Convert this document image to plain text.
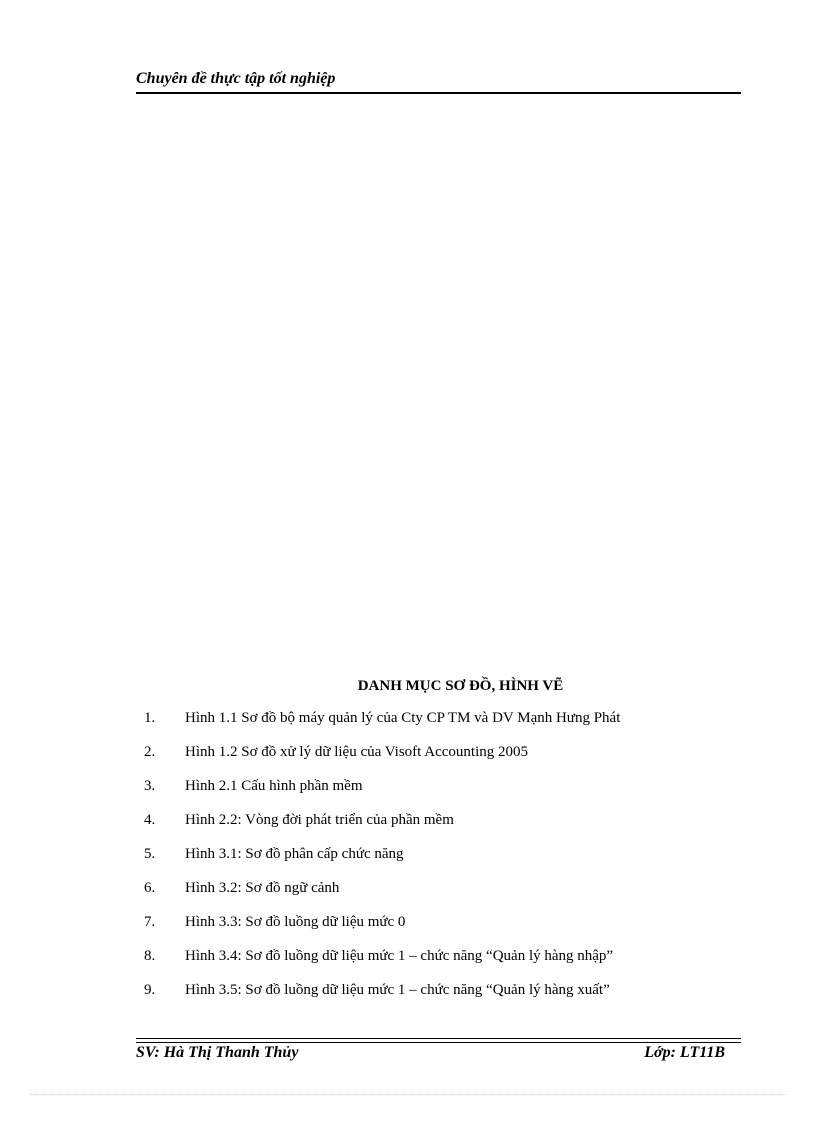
Chuyên đề thực tập tốt nghiệp
DANH MỤC SƠ ĐỒ, HÌNH VẼ
1. Hình 1.1 Sơ đồ bộ máy quản lý của Cty CP TM và DV Mạnh Hưng Phát
2. Hình 1.2 Sơ đồ xử lý dữ liệu của Visoft Accounting 2005
3. Hình 2.1 Cấu hình phần mềm
4. Hình 2.2: Vòng đời phát triển của phần mềm
5. Hình 3.1: Sơ đồ phân cấp chức năng
6. Hình 3.2: Sơ đồ ngữ cảnh
7. Hình 3.3: Sơ đồ luồng dữ liệu mức 0
8. Hình 3.4: Sơ đồ luồng dữ liệu mức 1 – chức năng “Quản lý hàng nhập”
9. Hình 3.5: Sơ đồ luồng dữ liệu mức 1 – chức năng “Quản lý hàng xuất”
SV: Hà Thị Thanh Thủy	Lớp: LT11B
